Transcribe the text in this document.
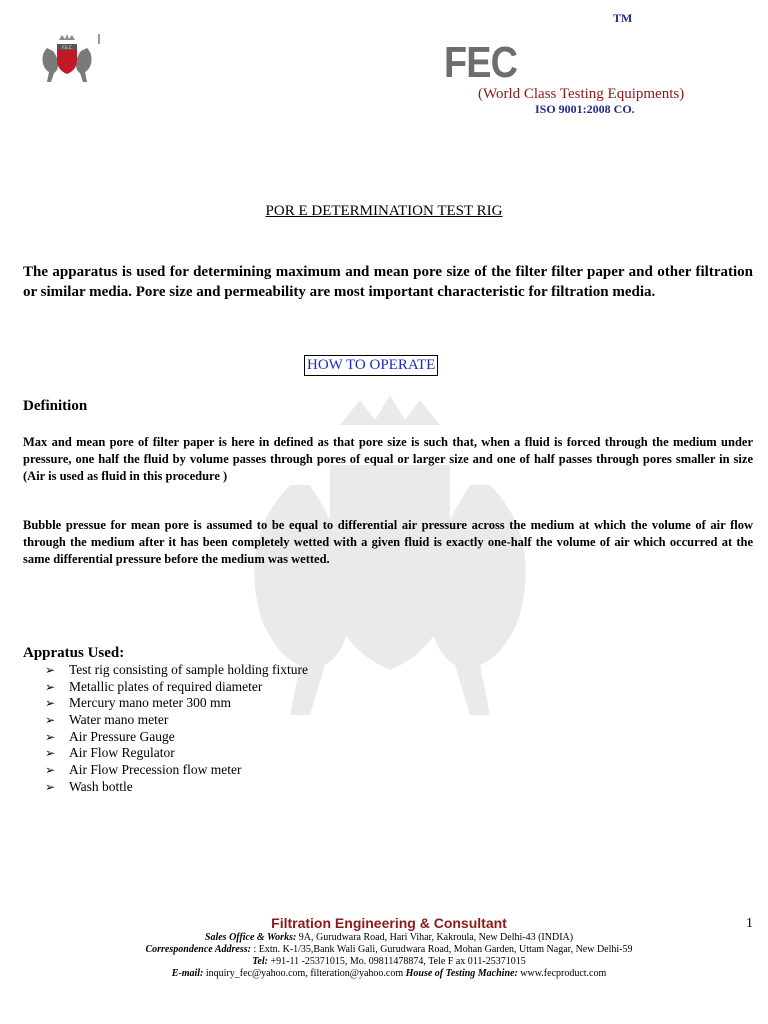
F.E.C
TM
FEC
(World Class Testing Equipments)
ISO 9001:2008 CO.
POR E DETERMINATION TEST RIG
The apparatus is used for determining maximum and mean pore size of the filter filter paper and other filtration or similar media. Pore size and permeability are most important characteristic for filtration media.
HOW TO OPERATE
Definition
Max and mean pore of filter paper is here in defined as that pore size is such that, when a fluid is forced through the medium under pressure, one half the fluid by volume passes through pores of equal or larger size and one of half passes through pores smaller in size (Air is used as fluid in this procedure )
Bubble pressue for mean pore is assumed to be equal to differential air pressure across the medium at which the volume of air flow through the medium after it has been completely wetted with a given fluid is exactly one-half the volume of air which occurred at the same differential pressure before the medium was wetted.
Appratus Used:
➢	Test rig consisting of sample holding fixture
➢	Metallic plates of required diameter
➢	Mercury mano meter 300 mm
➢	Water mano meter
➢	Air Pressure Gauge
➢	Air Flow Regulator
➢	Air Flow Precession flow meter
➢	Wash bottle
Filtration Engineering & Consultant	1
Sales Office & Works: 9A, Gurudwara Road, Hari Vihar, Kakroula, New Delhi-43 (INDIA)
Correspondence Address: : Extn. K-1/35,Bank Wali Gali, Gurudwara Road, Mohan Garden, Uttam Nagar, New Delhi-59
Tel: +91-11 -25371015, Mo. 09811478874, Tele F ax 011-25371015
E-mail: inquiry_fec@yahoo.com, filteration@yahoo.com House of Testing Machine: www.fecproduct.com
